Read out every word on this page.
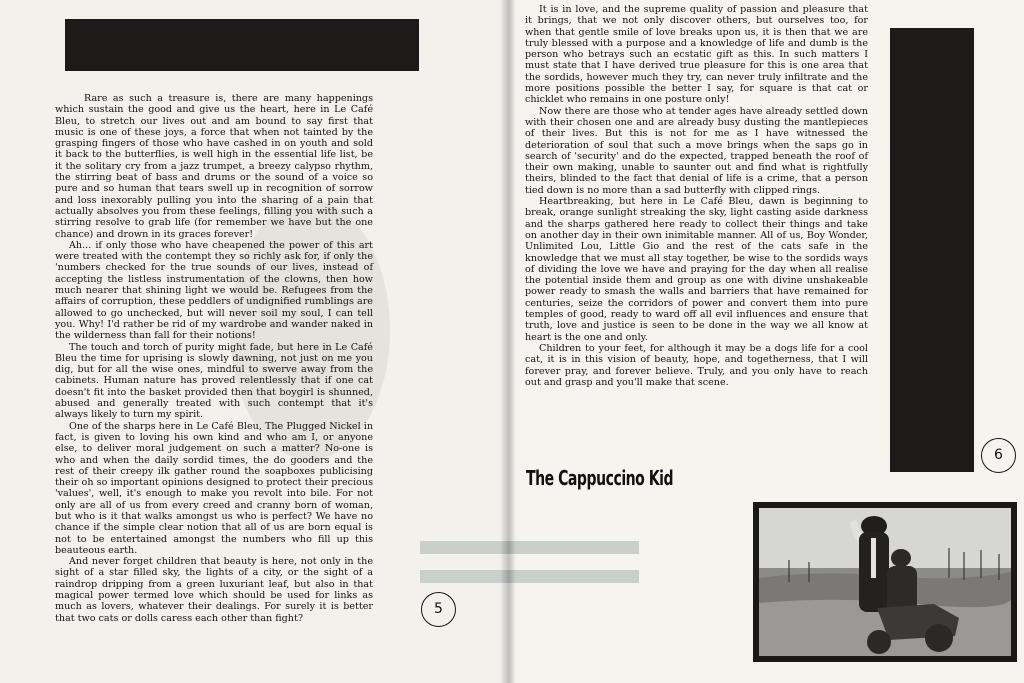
Rare as such a treasure is, there are many happenings which sustain the good and give us the heart, here in Le Café Bleu, to stretch our lives out and am bound to say first that music is one of these joys, a force that when not tainted by the grasping fingers of those who have cashed in on youth and sold it back to the butterflies, is well high in the essential life list, be it the solitary cry from a jazz trumpet, a breezy calypso rhythm, the stirring beat of bass and drums or the sound of a voice so pure and so human that tears swell up in recognition of sorrow and loss inexorably pulling you into the sharing of a pain that actually absolves you from these feelings, filling you with such a stirring resolve to grab life (for remember we have but the one chance) and drown in its graces forever!

Ah... if only those who have cheapened the power of this art were treated with the contempt they so richly ask for, if only the 'numbers checked for the true sounds of our lives, instead of accepting the listless instrumentation of the clowns, then how much nearer that shining light we would be. Refugees from the affairs of corruption, these peddlers of undignified rumblings are allowed to go unchecked, but will never soil my soul, I can tell you. Why! I'd rather be rid of my wardrobe and wander naked in the wilderness than fall for their notions!

The touch and torch of purity might fade, but here in Le Café Bleu the time for uprising is slowly dawning, not just on me you dig, but for all the wise ones, mindful to swerve away from the cabinets. Human nature has proved relentlessly that if one cat doesn't fit into the basket provided then that boygirl is shunned, abused and generally treated with such contempt that it's always likely to turn my spirit.

One of the sharps here in Le Café Bleu, The Plugged Nickel in fact, is given to loving his own kind and who am I, or anyone else, to deliver moral judgement on such a matter? No-one is who and when the daily sordid times, the do gooders and the rest of their creepy ilk gather round the soapboxes publicising their oh so important opinions designed to protect their precious 'values', well, it's enough to make you revolt into bile. For not only are all of us from every creed and cranny born of woman, but who is it that walks amongst us who is perfect? We have no chance if the simple clear notion that all of us are born equal is not to be entertained amongst the numbers who fill up this beauteous earth.

And never forget children that beauty is here, not only in the sight of a star filled sky, the lights of a city, or the sight of a raindrop dripping from a green luxuriant leaf, but also in that magical power termed love which should be used for links as much as lovers, whatever their dealings. For surely it is better that two cats or dolls caress each other than fight?

5

It is in love, and the supreme quality of passion and pleasure that it brings, that we not only discover others, but ourselves too, for when that gentle smile of love breaks upon us, it is then that we are truly blessed with a purpose and a knowledge of life and dumb is the person who betrays such an ecstatic gift as this. In such matters I must state that I have derived true pleasure for this is one area that the sordids, however much they try, can never truly infiltrate and the more positions possible the better I say, for square is that cat or chicklet who remains in one posture only!

Now there are those who at tender ages have already settled down with their chosen one and are already busy dusting the mantlepieces of their lives. But this is not for me as I have witnessed the deterioration of soul that such a move brings when the saps go in search of 'security' and do the expected, trapped beneath the roof of their own making, unable to saunter out and find what is rightfully theirs, blinded to the fact that denial of life is a crime, that a person tied down is no more than a sad butterfly with clipped rings.

Heartbreaking, but here in Le Café Bleu, dawn is beginning to break, orange sunlight streaking the sky, light casting aside darkness and the sharps gathered here ready to collect their things and take on another day in their own inimitable manner. All of us, Boy Wonder, Unlimited Lou, Little Gio and the rest of the cats safe in the knowledge that we must all stay together, be wise to the sordids ways of dividing the love we have and praying for the day when all realise the potential inside them and group as one with divine unshakeable power ready to smash the walls and barriers that have remained for centuries, seize the corridors of power and convert them into pure temples of good, ready to ward off all evil influences and ensure that truth, love and justice is seen to be done in the way we all know at heart is the one and only.

Children to your feet, for although it may be a dogs life for a cool cat, it is in this vision of beauty, hope, and togetherness, that I will forever pray, and forever believe. Truly, and you only have to reach out and grasp and you'll make that scene.

6
The Cappuccino Kid
